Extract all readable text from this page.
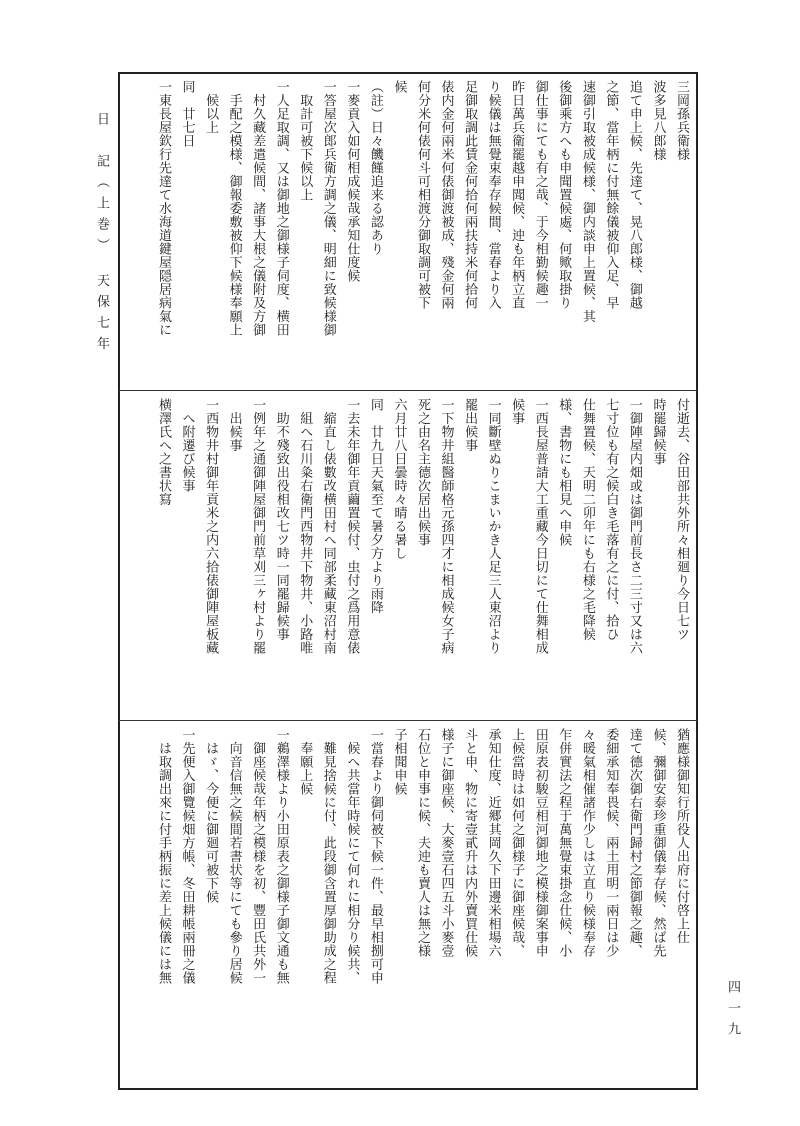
日　記（上巻）　天保七年
四一九
三岡孫兵衛様
波多見八郎様
追て申上候、先達て、晃八郎様、御越
之節、當年柄に付無餘儀被仰入足、早
速御引取被成候様、御内談申上置候、其
後御乘方へも申聞置候處、何歟取掛り
御仕事にても有之哉、于今相勤候趣一
昨日萬兵衛罷越申聞候、迚も年柄立直
り候儀は無覺束奉存候間、當春より入
足御取調此賃金何拾何兩扶持米何拾何
俵内金何兩米何俵御渡被成、殘金何兩
何分米何俵何斗可相渡分御取調可被下
候
（註）日々饑饉追来る認あり
一麥貢入如何相成候哉承知仕度候
一答屋次郎兵衛方調之儀、明細に致候様御
　取計可被下候以上
一人足取調、又は御地之御様子伺度、横田
　村久藏差遣候間、諸事大根之儀附及方御
　手配之模様、御報委敷被仰下候様奉願上
　候以上
同　廿七日
一東長屋欽行先達て水海道鍵屋隠居病氣に
付逝去、谷田部共外所々相廻り今日七ツ
時罷歸候事
一御陣屋内畑或は御門前長さ二三寸又は六
七寸位も有之候白き毛落有之に付、拾ひ
仕舞置候、天明二卯年にも右様之毛降候
様、書物にも相見へ申候
一西長屋普請大工重藏今日切にて仕舞相成
候事
一同斷壁ぬりこまいかき人足三人東沼より
罷出候事
一下物井組醫師格元孫四才に相成候女子病
死之由名主德次居出候事
六月廿八日曇時々晴る暑し
同　廿九日天氣至て暑夕方より雨降
一去未年御年貢繭置候付、虫付之爲用意俵
　縮直し俵數改横田村へ同部柔藏東沼村南
　組へ石川粂右衛門西物井下物井、小路唯
　助不殘致出役相改七ツ時一同罷歸候事
一例年之通御陣屋御門前草刈三ヶ村より罷
　出候事
一西物井村御年貢米之内六拾俵御陣屋板藏
　へ附遷び候事
横澤氏へ之書状寫
猶應様御知行所役人出府に付啓上仕
候、彌御安泰珍重御儀奉存候、然ば先
達て德次御右衛門歸村之節御報之趣、
委細承知奉畏候、兩土用明一兩日は少
々暖氣相催諸作少しは立直り候様奉存
乍併實法之程于萬無覺束掛念仕候、小
田原表初駿豆相河御地之模様御案事申
上候當時は如何之御様子に御座候哉、
承知仕度、近郷其岡久下田邊米相場六
斗と申、物に寄壹貳升は内外賣買仕候
様子に御座候、大麥壹石四五斗小麥壹
石位と申事に候、夫迚も賣人は無之様
子相聞申候
一當春より御伺被下候一件、最早相捌可申
　候へ共當年時候にて何れに相分り候共、
　難見捨候に付、此段御含置厚御助成之程
　奉願上候
一鵜澤様より小田原表之御様子御文通も無
　御座候哉年柄之模様を初、豐田氏共外一
　向音信無之候間若書状等にても參り居候
　はゞ、今便に御廻可被下候
一先便入御覽候畑方帳、冬田耕帳兩冊之儀
　は取調出來に付手柄振に差上候儀には無
